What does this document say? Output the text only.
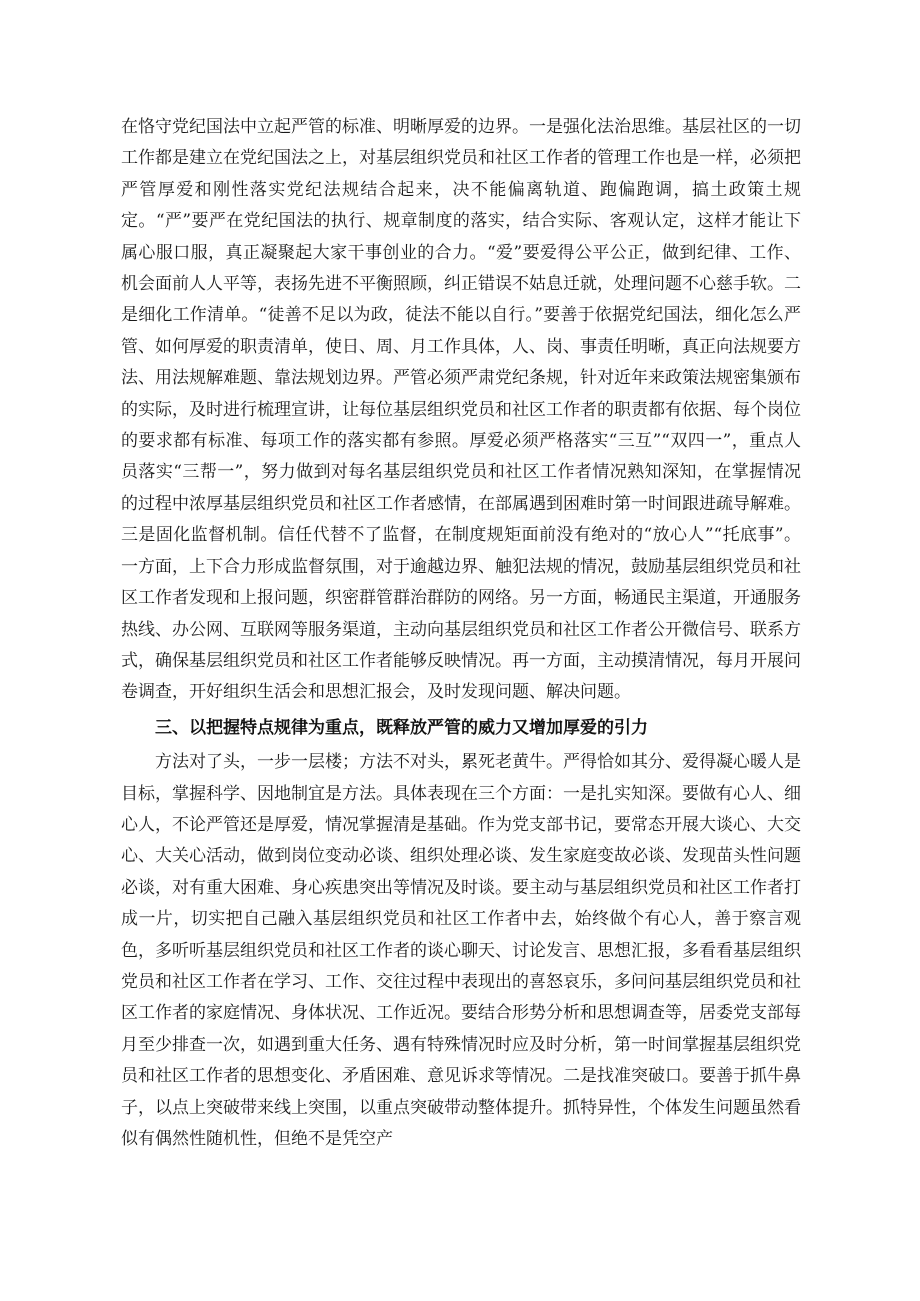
在恪守党纪国法中立起严管的标准、明晰厚爱的边界。一是强化法治思维。基层社区的一切工作都是建立在党纪国法之上，对基层组织党员和社区工作者的管理工作也是一样，必须把严管厚爱和刚性落实党纪法规结合起来，决不能偏离轨道、跑偏跑调，搞土政策土规定。“严”要严在党纪国法的执行、规章制度的落实，结合实际、客观认定，这样才能让下属心服口服，真正凝聚起大家干事创业的合力。“爱”要爱得公平公正，做到纪律、工作、机会面前人人平等，表扬先进不平衡照顾，纠正错误不姑息迁就，处理问题不心慈手软。二是细化工作清单。“徒善不足以为政，徒法不能以自行。”要善于依据党纪国法，细化怎么严管、如何厚爱的职责清单，使日、周、月工作具体，人、岗、事责任明晰，真正向法规要方法、用法规解难题、靠法规划边界。严管必须严肃党纪条规，针对近年来政策法规密集颁布的实际，及时进行梳理宣讲，让每位基层组织党员和社区工作者的职责都有依据、每个岗位的要求都有标准、每项工作的落实都有参照。厚爱必须严格落实“三互”“双四一”，重点人员落实“三帮一”，努力做到对每名基层组织党员和社区工作者情况熟知深知，在掌握情况的过程中浓厚基层组织党员和社区工作者感情，在部属遇到困难时第一时间跟进疏导解难。三是固化监督机制。信任代替不了监督，在制度规矩面前没有绝对的“放心人”“托底事”。一方面，上下合力形成监督氛围，对于逾越边界、触犯法规的情况，鼓励基层组织党员和社区工作者发现和上报问题，织密群管群治群防的网络。另一方面，畅通民主渠道，开通服务热线、办公网、互联网等服务渠道，主动向基层组织党员和社区工作者公开微信号、联系方式，确保基层组织党员和社区工作者能够反映情况。再一方面，主动摸清情况，每月开展问卷调查，开好组织生活会和思想汇报会，及时发现问题、解决问题。

三、以把握特点规律为重点，既释放严管的威力又增加厚爱的引力

方法对了头，一步一层楼；方法不对头，累死老黄牛。严得恰如其分、爱得凝心暖人是目标，掌握科学、因地制宜是方法。具体表现在三个方面：一是扎实知深。要做有心人、细心人，不论严管还是厚爱，情况掌握清是基础。作为党支部书记，要常态开展大谈心、大交心、大关心活动，做到岗位变动必谈、组织处理必谈、发生家庭变故必谈、发现苗头性问题必谈，对有重大困难、身心疾患突出等情况及时谈。要主动与基层组织党员和社区工作者打成一片，切实把自己融入基层组织党员和社区工作者中去，始终做个有心人，善于察言观色，多听听基层组织党员和社区工作者的谈心聊天、讨论发言、思想汇报，多看看基层组织党员和社区工作者在学习、工作、交往过程中表现出的喜怒哀乐，多问问基层组织党员和社区工作者的家庭情况、身体状况、工作近况。要结合形势分析和思想调查等，居委党支部每月至少排查一次，如遇到重大任务、遇有特殊情况时应及时分析，第一时间掌握基层组织党员和社区工作者的思想变化、矛盾困难、意见诉求等情况。二是找准突破口。要善于抓牛鼻子，以点上突破带来线上突围，以重点突破带动整体提升。抓特异性，个体发生问题虽然看似有偶然性随机性，但绝不是凭空产
